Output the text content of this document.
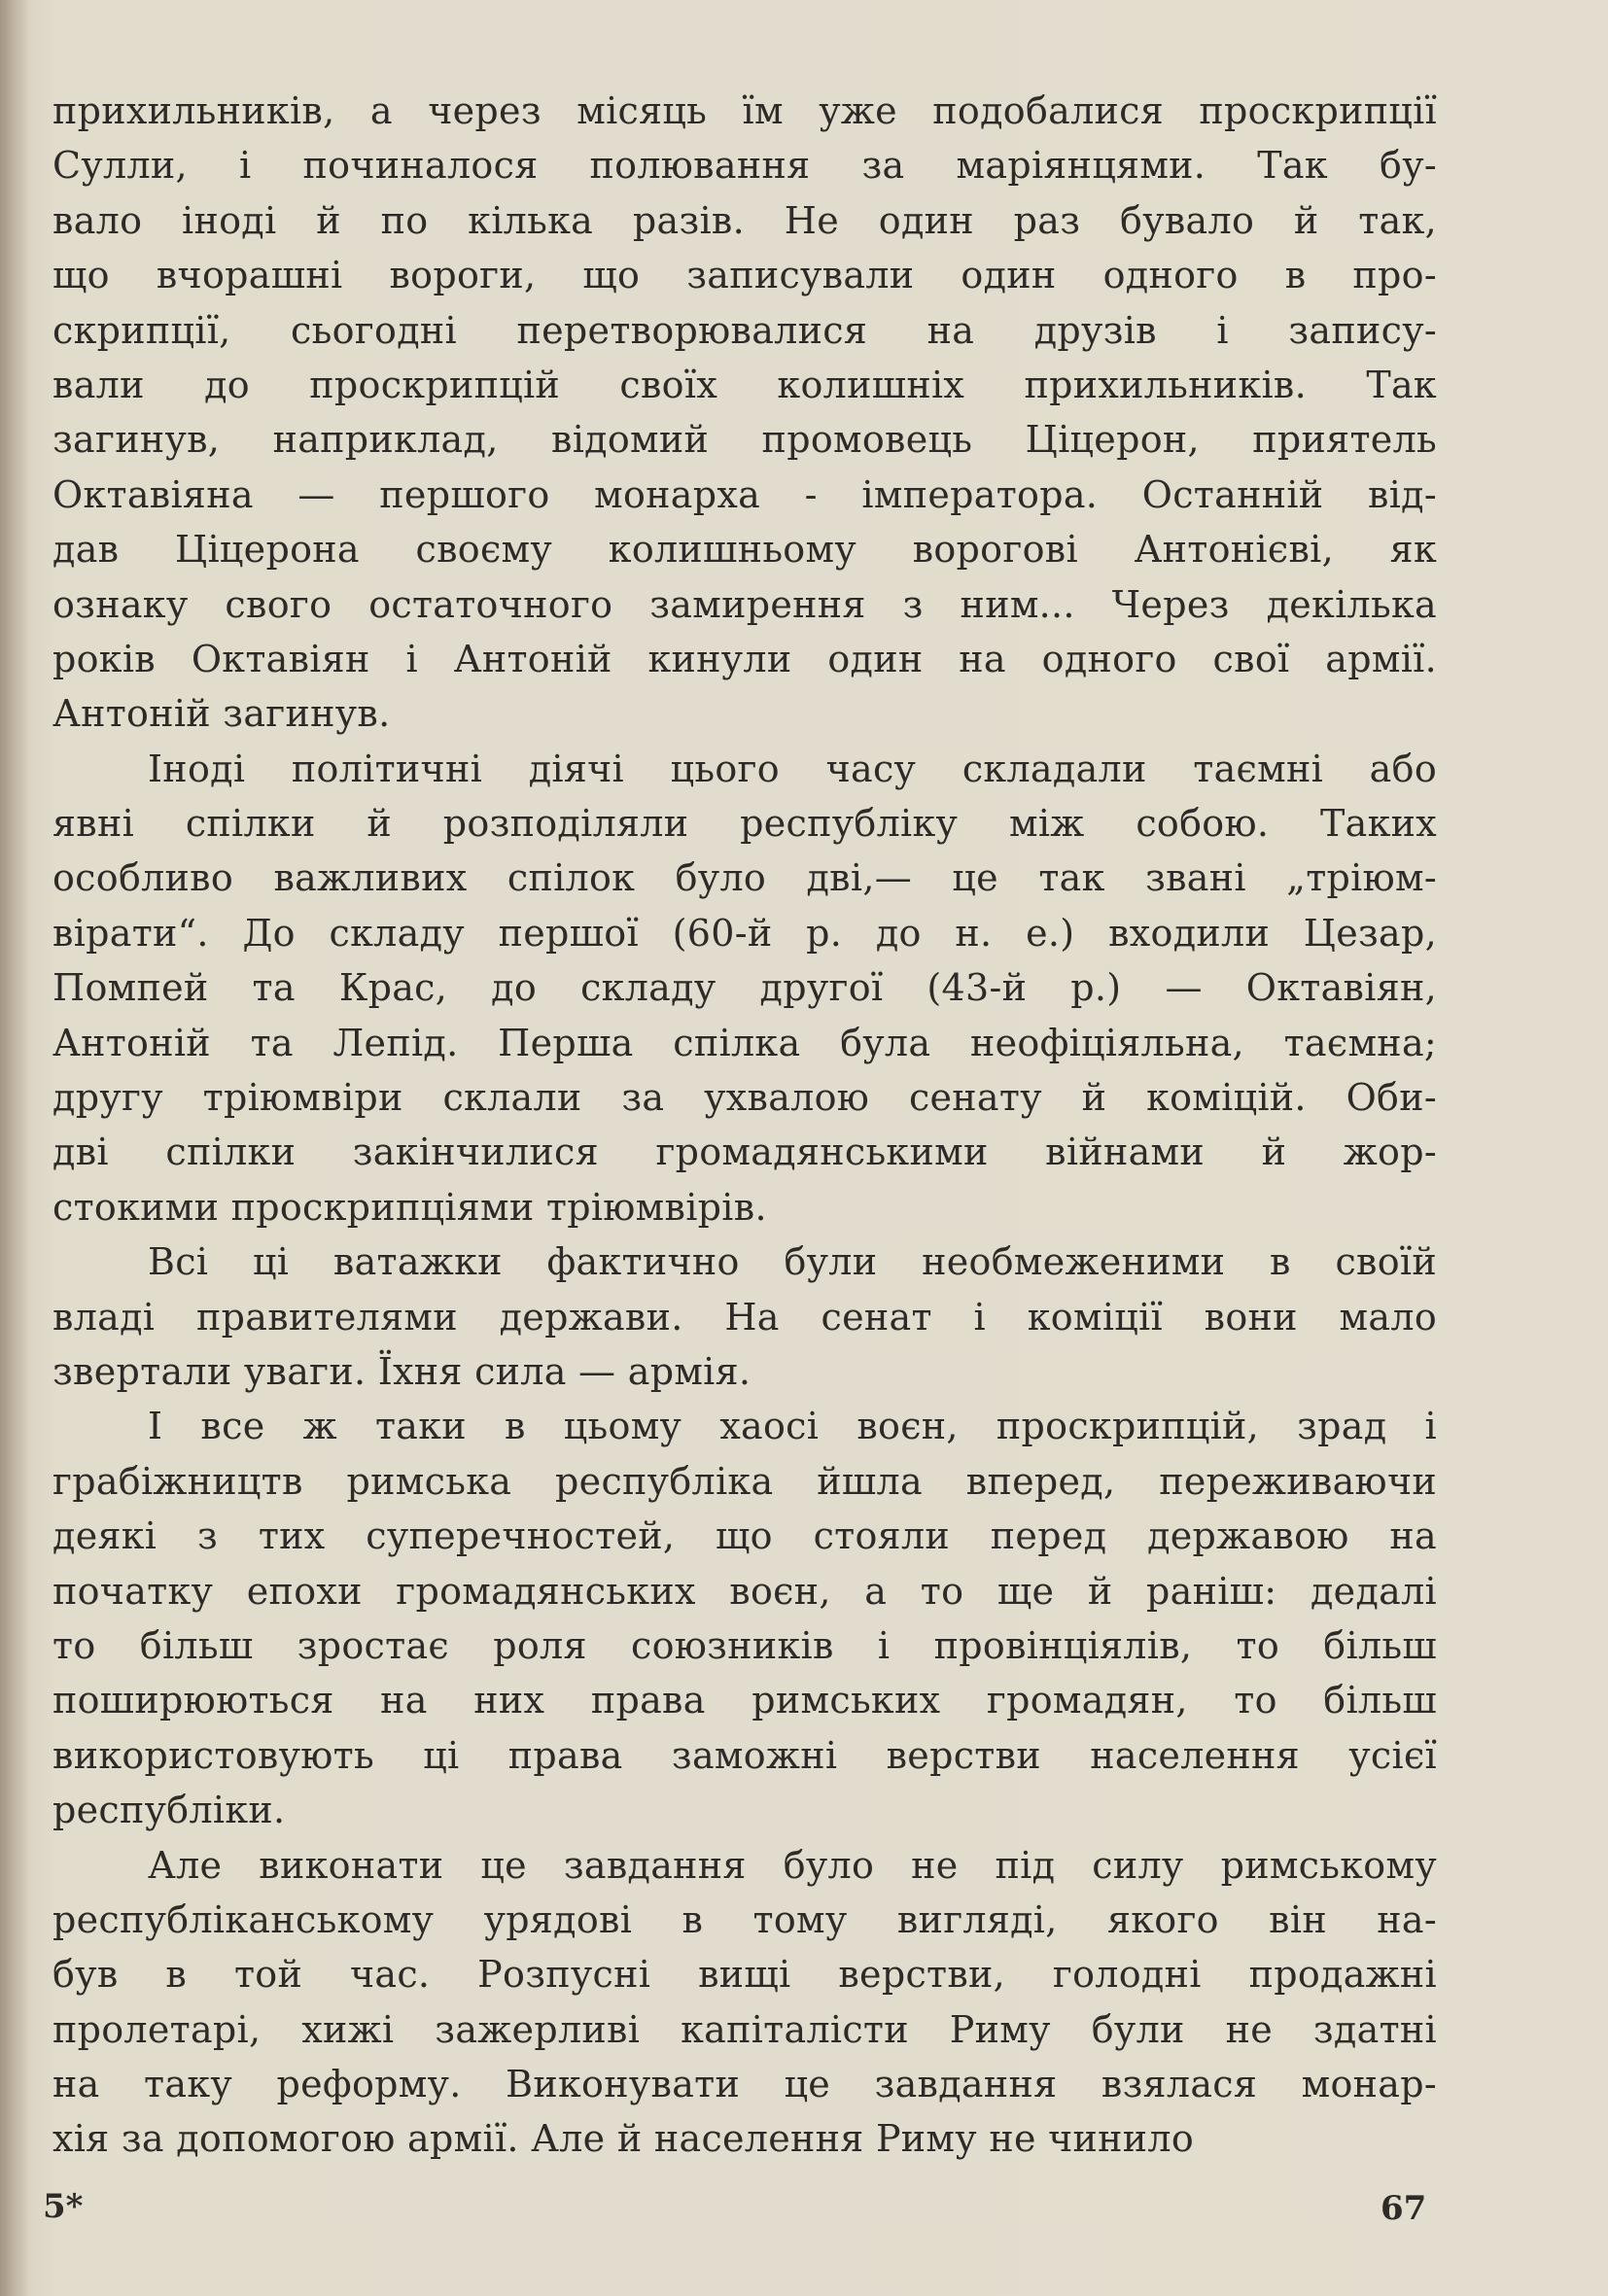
прихильників, а через місяць їм уже подобалися проскрипції
Сулли, і починалося полювання за маріянцями. Так бу-
вало іноді й по кілька разів. Не один раз бувало й так,
що вчорашні вороги, що записували один одного в про-
скрипції, сьогодні перетворювалися на друзів і запису-
вали до проскрипцій своїх колишніх прихильників. Так
загинув, наприклад, відомий промовець Ціцерон, приятель
Октавіяна — першого монарха - імператора. Останній від-
дав Ціцерона своєму колишньому ворогові Антонієві, як
ознаку свого остаточного замирення з ним... Через декілька
років Октавіян і Антоній кинули один на одного свої армії.
Антоній загинув.
Іноді політичні діячі цього часу складали таємні або
явні спілки й розподіляли республіку між собою. Таких
особливо важливих спілок було дві,— це так звані „тріюм-
вірати“. До складу першої (60-й р. до н. е.) входили Цезар,
Помпей та Крас, до складу другої (43-й р.) — Октавіян,
Антоній та Лепід. Перша спілка була неофіціяльна, таємна;
другу тріюмвіри склали за ухвалою сенату й коміцій. Оби-
дві спілки закінчилися громадянськими війнами й жор-
стокими проскрипціями тріюмвірів.
Всі ці ватажки фактично були необмеженими в своїй
владі правителями держави. На сенат і коміції вони мало
звертали уваги. Їхня сила — армія.
І все ж таки в цьому хаосі воєн, проскрипцій, зрад і
грабіжництв римська республіка йшла вперед, переживаючи
деякі з тих суперечностей, що стояли перед державою на
початку епохи громадянських воєн, а то ще й раніш: дедалі
то більш зростає роля союзників і провінціялів, то більш
поширюються на них права римських громадян, то більш
використовують ці права заможні верстви населення усієї
республіки.
Але виконати це завдання було не під силу римському
республіканському урядові в тому вигляді, якого він на-
був в той час. Розпусні вищі верстви, голодні продажні
пролетарі, хижі зажерливі капіталісти Риму були не здатні
на таку реформу. Виконувати це завдання взялася монар-
хія за допомогою армії. Але й населення Риму не чинило
5*	67
